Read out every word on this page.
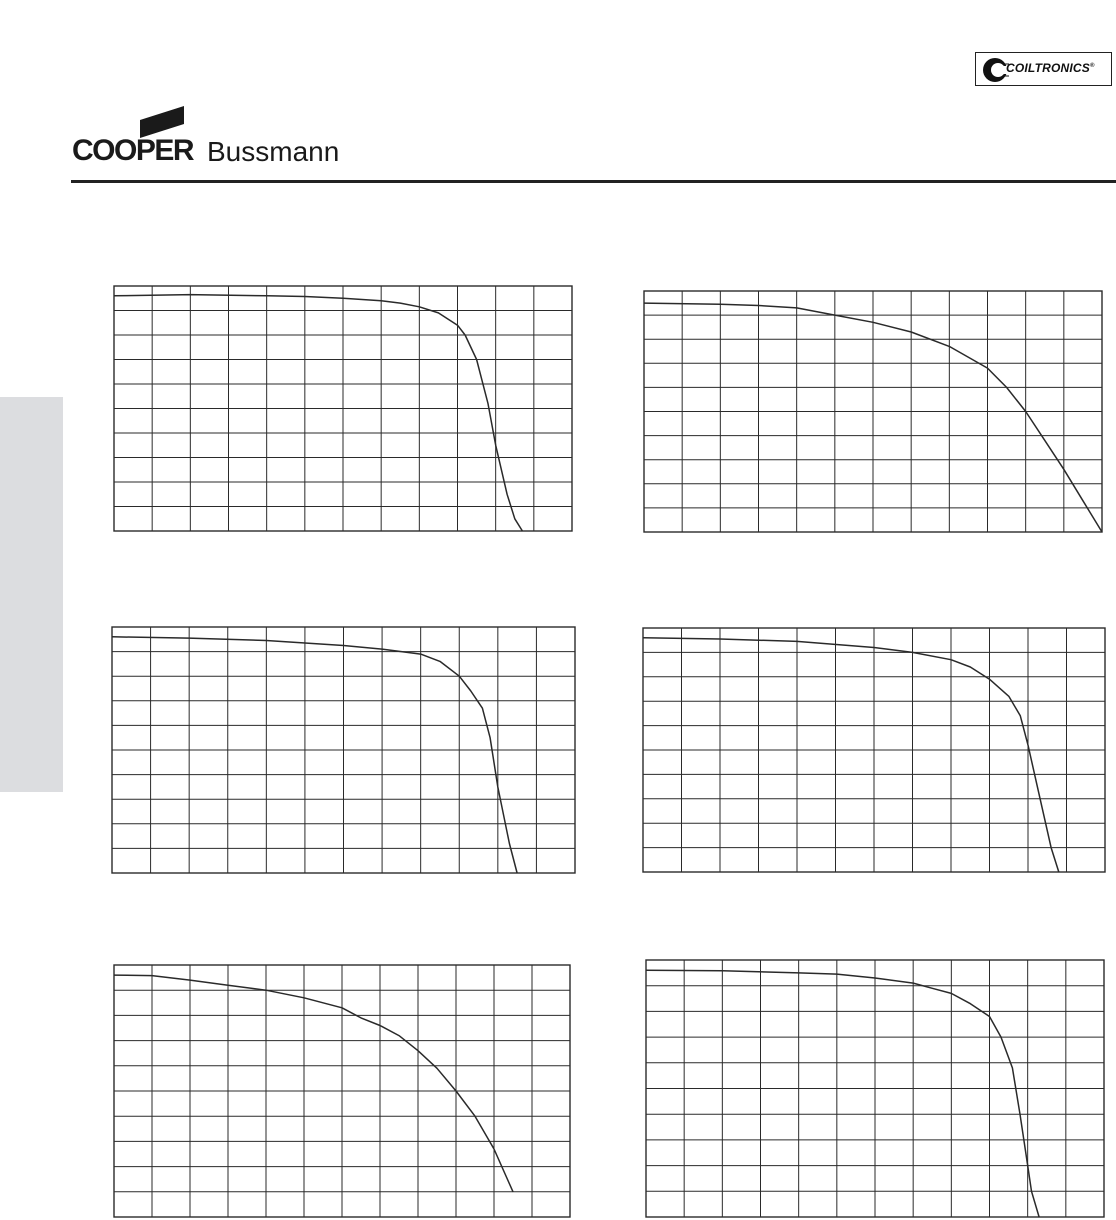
COOPER Bussmann
COILTRONICS®
